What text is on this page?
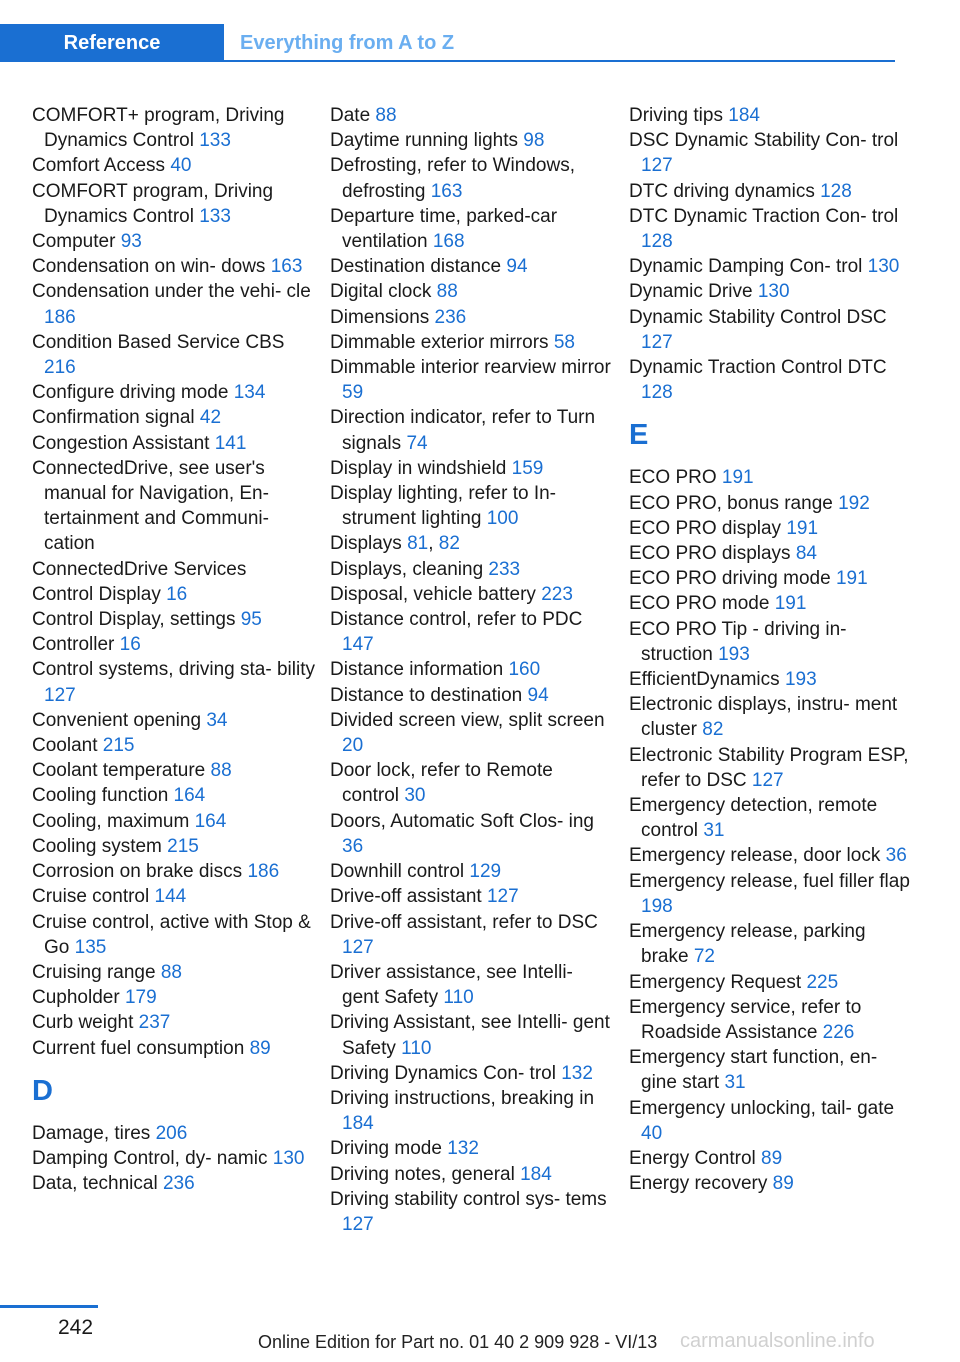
Reference	Everything from A to Z
COMFORT+ program, Driving Dynamics Control 133
Comfort Access 40
COMFORT program, Driving Dynamics Control 133
Computer 93
Condensation on win‐ dows 163
Condensation under the vehi‐ cle 186
Condition Based Service CBS 216
Configure driving mode 134
Confirmation signal 42
Congestion Assistant 141
ConnectedDrive, see user's manual for Navigation, En‐ tertainment and Communi‐ cation
ConnectedDrive Services
Control Display 16
Control Display, settings 95
Controller 16
Control systems, driving sta‐ bility 127
Convenient opening 34
Coolant 215
Coolant temperature 88
Cooling function 164
Cooling, maximum 164
Cooling system 215
Corrosion on brake discs 186
Cruise control 144
Cruise control, active with Stop & Go 135
Cruising range 88
Cupholder 179
Curb weight 237
Current fuel consumption 89
D
Damage, tires 206
Damping Control, dy‐ namic 130
Data, technical 236
Date 88
Daytime running lights 98
Defrosting, refer to Windows, defrosting 163
Departure time, parked-car ventilation 168
Destination distance 94
Digital clock 88
Dimensions 236
Dimmable exterior mirrors 58
Dimmable interior rearview mirror 59
Direction indicator, refer to Turn signals 74
Display in windshield 159
Display lighting, refer to In‐ strument lighting 100
Displays 81, 82
Displays, cleaning 233
Disposal, vehicle battery 223
Distance control, refer to PDC 147
Distance information 160
Distance to destination 94
Divided screen view, split screen 20
Door lock, refer to Remote control 30
Doors, Automatic Soft Clos‐ ing 36
Downhill control 129
Drive-off assistant 127
Drive-off assistant, refer to DSC 127
Driver assistance, see Intelli‐ gent Safety 110
Driving Assistant, see Intelli‐ gent Safety 110
Driving Dynamics Con‐ trol 132
Driving instructions, breaking in 184
Driving mode 132
Driving notes, general 184
Driving stability control sys‐ tems 127
Driving tips 184
DSC Dynamic Stability Con‐ trol 127
DTC driving dynamics 128
DTC Dynamic Traction Con‐ trol 128
Dynamic Damping Con‐ trol 130
Dynamic Drive 130
Dynamic Stability Control DSC 127
Dynamic Traction Control DTC 128
E
ECO PRO 191
ECO PRO, bonus range 192
ECO PRO display 191
ECO PRO displays 84
ECO PRO driving mode 191
ECO PRO mode 191
ECO PRO Tip - driving in‐ struction 193
EfficientDynamics 193
Electronic displays, instru‐ ment cluster 82
Electronic Stability Program ESP, refer to DSC 127
Emergency detection, remote control 31
Emergency release, door lock 36
Emergency release, fuel filler flap 198
Emergency release, parking brake 72
Emergency Request 225
Emergency service, refer to Roadside Assistance 226
Emergency start function, en‐ gine start 31
Emergency unlocking, tail‐ gate 40
Energy Control 89
Energy recovery 89
242
Online Edition for Part no. 01 40 2 909 928 - VI/13 carmanualsonline.info
